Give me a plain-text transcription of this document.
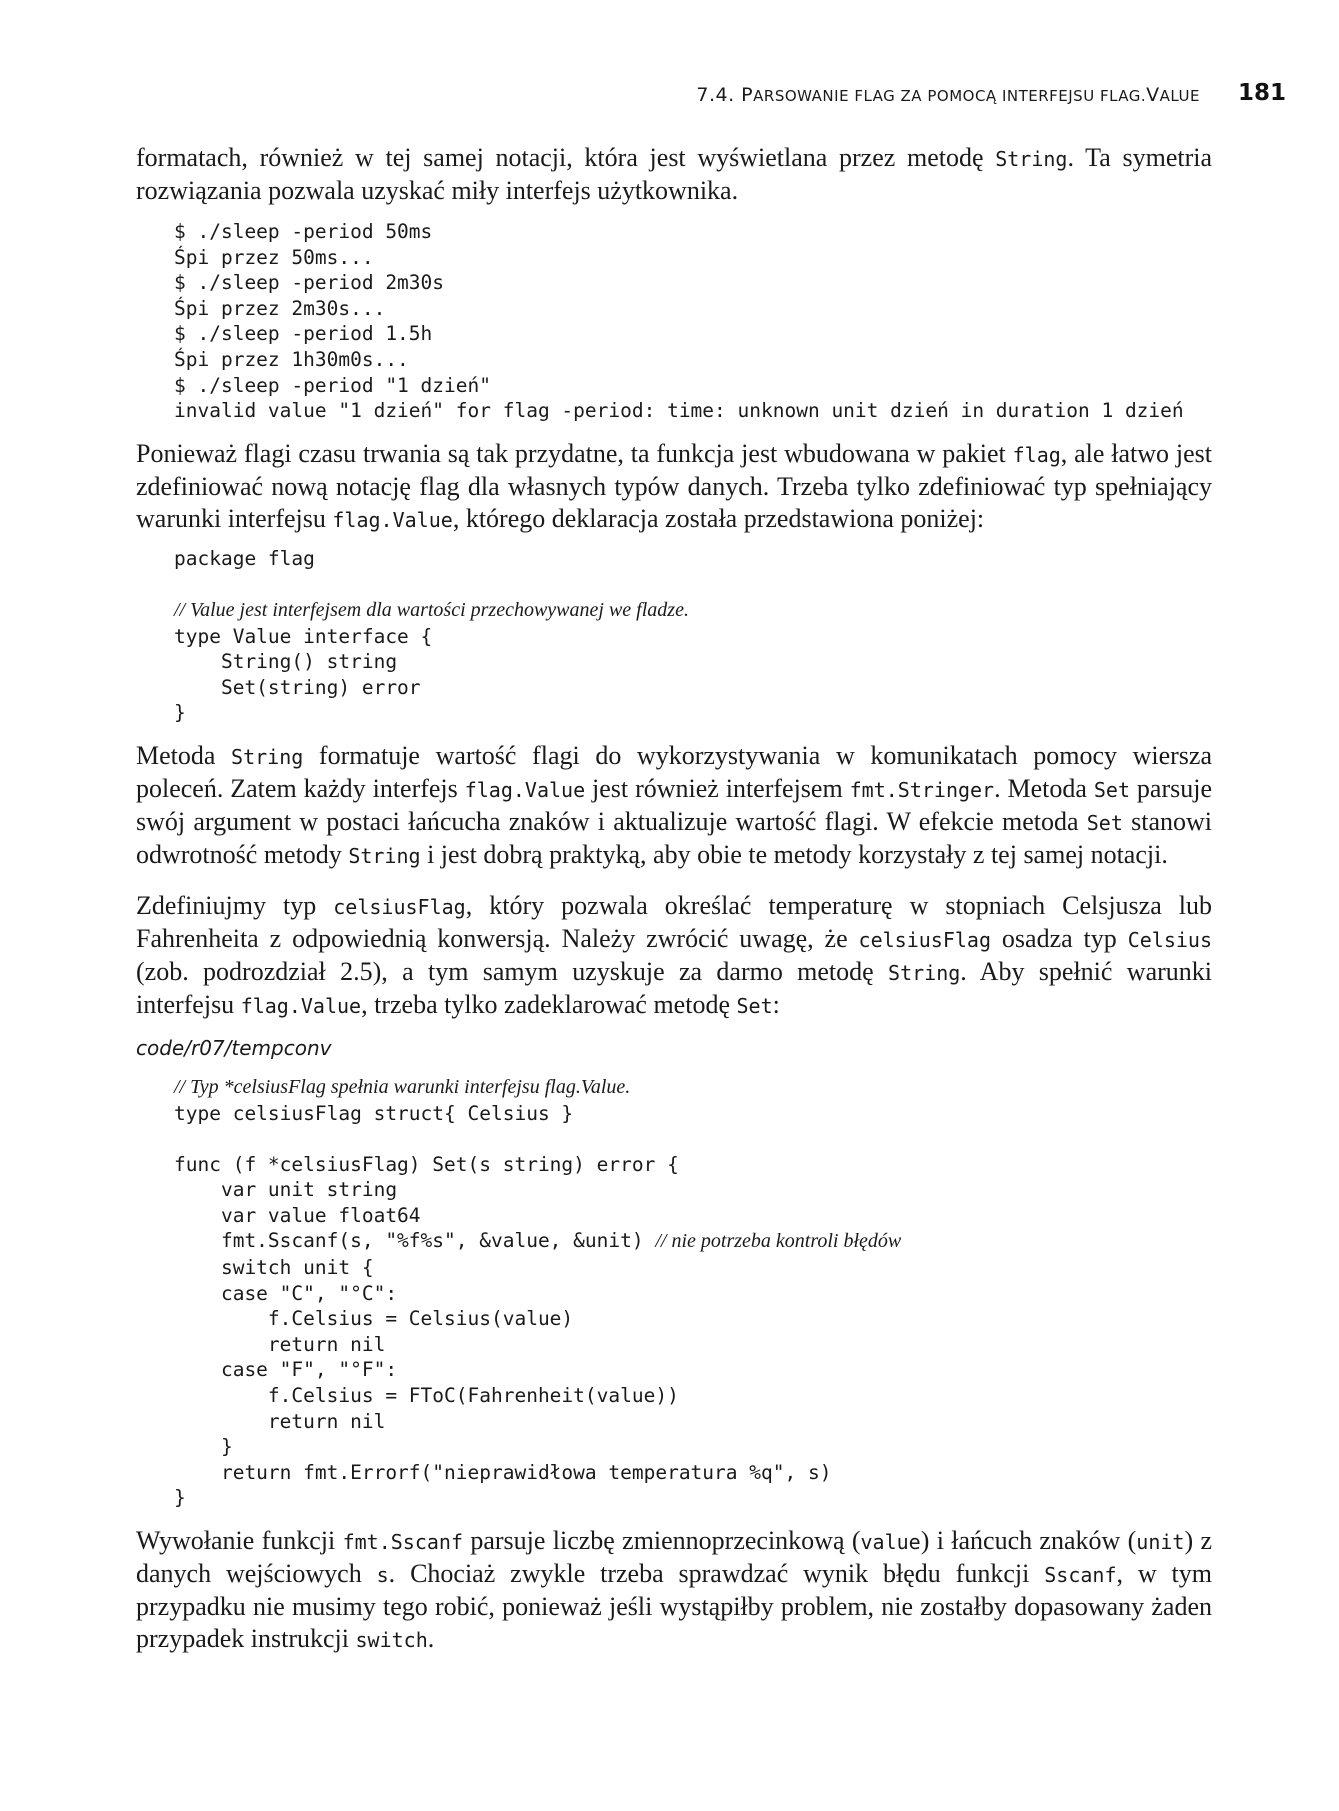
7.4. PARSOWANIE FLAG ZA POMOCĄ INTERFEJSU FLAG.VALUE 181

formatach, również w tej samej notacji, która jest wyświetlana przez metodę String. Ta symetria rozwiązania pozwala uzyskać miły interfejs użytkownika.

$ ./sleep -period 50ms
Śpi przez 50ms...
$ ./sleep -period 2m30s
Śpi przez 2m30s...
$ ./sleep -period 1.5h
Śpi przez 1h30m0s...
$ ./sleep -period "1 dzień"
invalid value "1 dzień" for flag -period: time: unknown unit dzień in duration 1 dzień

Ponieważ flagi czasu trwania są tak przydatne, ta funkcja jest wbudowana w pakiet flag, ale łatwo jest zdefiniować nową notację flag dla własnych typów danych. Trzeba tylko zdefiniować typ spełniający warunki interfejsu flag.Value, którego deklaracja została przedstawiona poniżej:

package flag

// Value jest interfejsem dla wartości przechowywanej we fladze.
type Value interface {
String() string
Set(string) error
}

Metoda String formatuje wartość flagi do wykorzystywania w komunikatach pomocy wiersza poleceń. Zatem każdy interfejs flag.Value jest również interfejsem fmt.Stringer. Metoda Set parsuje swój argument w postaci łańcucha znaków i aktualizuje wartość flagi. W efekcie metoda Set stanowi odwrotność metody String i jest dobrą praktyką, aby obie te metody korzystały z tej samej notacji.

Zdefiniujmy typ celsiusFlag, który pozwala określać temperaturę w stopniach Celsjusza lub Fahrenheita z odpowiednią konwersją. Należy zwrócić uwagę, że celsiusFlag osadza typ Celsius (zob. podrozdział 2.5), a tym samym uzyskuje za darmo metodę String. Aby spełnić warunki interfejsu flag.Value, trzeba tylko zadeklarować metodę Set:

code/r07/tempconv
// Typ *celsiusFlag spełnia warunki interfejsu flag.Value.
type celsiusFlag struct{ Celsius }

func (f *celsiusFlag) Set(s string) error {
var unit string
var value float64
fmt.Sscanf(s, "%f%s", &value, &unit) // nie potrzeba kontroli błędów
switch unit {
case "C", "°C":
f.Celsius = Celsius(value)
return nil
case "F", "°F":
f.Celsius = FToC(Fahrenheit(value))
return nil
}
return fmt.Errorf("nieprawidłowa temperatura %q", s)
}

Wywołanie funkcji fmt.Sscanf parsuje liczbę zmiennoprzecinkową (value) i łańcuch znaków (unit) z danych wejściowych s. Chociaż zwykle trzeba sprawdzać wynik błędu funkcji Sscanf, w tym przypadku nie musimy tego robić, ponieważ jeśli wystąpiłby problem, nie zostałby dopasowany żaden przypadek instrukcji switch.
